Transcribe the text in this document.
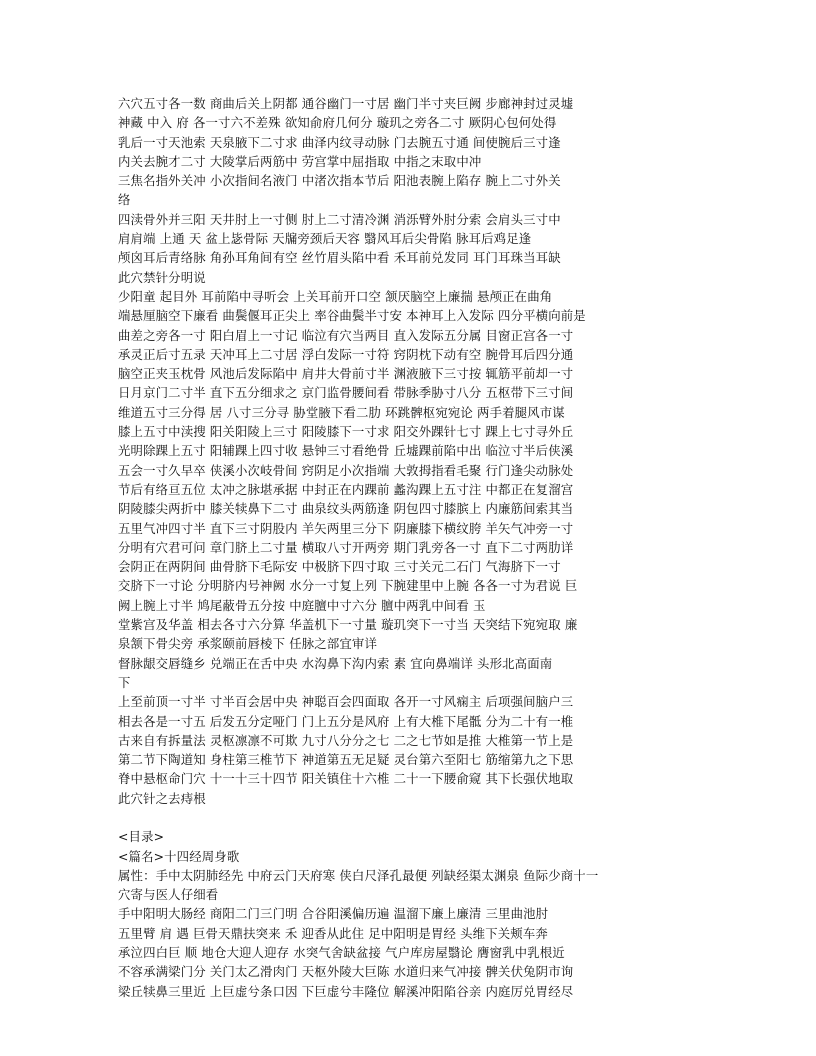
六穴五寸各一数 商曲后关上阴都 通谷幽门一寸居 幽门半寸夹巨阙 步廊神封过灵墟
神藏 中入 府 各一寸六不差殊 欲知俞府几何分 璇玑之旁各二寸 厥阴心包何处得
乳后一寸天池索 天泉腋下二寸求 曲泽内纹寻动脉 门去腕五寸通 间使腕后三寸逢
内关去腕才二寸 大陵掌后两筋中 劳宫掌中屈指取 中指之末取中冲
三焦名指外关冲 小次指间名液门 中渚次指本节后 阳池表腕上陷存 腕上二寸外关
络
四渎骨外并三阳 天井肘上一寸侧 肘上二寸清冷渊 消泺臂外肘分索 会肩头三寸中
肩肩端 上通 天 盆上毖骨际 天牖旁颈后天容 翳风耳后尖骨陷 脉耳后鸡足逢
颅囟耳后青络脉 角孙耳角间有空 丝竹眉头陷中看 禾耳前兑发同 耳门耳珠当耳缺
此穴禁针分明说
少阳童 起目外 耳前陷中寻听会 上关耳前开口空 颔厌脑空上廉揣 悬颅正在曲角
端悬厘脑空下廉看 曲鬓偃耳正尖上 率谷曲鬓半寸安 本神耳上入发际 四分平横向前是
曲差之旁各一寸 阳白眉上一寸记 临泣有穴当两目 直入发际五分属 目窗正宫各一寸
承灵正后寸五录 天冲耳上二寸居 浮白发际一寸符 窍阴枕下动有空 腕骨耳后四分通
脑空正夹玉枕骨 风池后发际陷中 肩井大骨前寸半 渊液腋下三寸按 辄筋平前却一寸
日月京门二寸半 直下五分细求之 京门监骨腰间看 带脉季胁寸八分 五枢带下三寸间
维道五寸三分得 居 八寸三分寻 胁堂腋下看二肋 环跳髀枢宛宛论 两手着腿风市谋
膝上五寸中渎搜 阳关阳陵上三寸 阳陵膝下一寸求 阳交外踝针七寸 踝上七寸寻外丘
光明除踝上五寸 阳辅踝上四寸收 悬钟三寸看绝骨 丘墟踝前陷中出 临泣寸半后侠溪
五会一寸久早卒 侠溪小次岐骨间 窍阴足小次指端 大敦拇指看毛聚 行门逢尖动脉处
节后有络亘五位 太冲之脉堪承据 中封正在内踝前 蠡沟踝上五寸注 中都正在复溜宫
阴陵膝尖两折中 膝关犊鼻下二寸 曲泉纹头两筋逢 阴包四寸膝膑上 内廉筋间索其当
五里气冲四寸半 直下三寸阴股内 羊矢两里三分下 阴廉膝下横纹胯 羊矢气冲旁一寸
分明有穴君可问 章门脐上二寸量 横取八寸开两旁 期门乳旁各一寸 直下二寸两肋详
会阴正在两阴间 曲骨脐下毛际安 中极脐下四寸取 三寸关元二石门 气海脐下一寸
交脐下一寸论 分明脐内号神阙 水分一寸复上列 下腕建里中上腕 各各一寸为君说 巨
阙上腕上寸半 鸠尾蔽骨五分按 中庭膻中寸六分 膻中两乳中间看 玉
堂紫宫及华盖 相去各寸六分算 华盖机下一寸量 璇玑突下一寸当 天突结下宛宛取 廉
泉颔下骨尖旁 承浆颐前唇棱下 任脉之部宜审详
督脉龈交唇缝乡 兑端正在舌中央 水沟鼻下沟内索 素 宜向鼻端详 头形北高面南
下
上至前顶一寸半 寸半百会居中央 神聪百会四面取 各开一寸风痫主 后项强间脑户三
相去各是一寸五 后发五分定哑门 门上五分是风府 上有大椎下尾骶 分为二十有一椎
古来自有拆量法 灵枢凛凛不可欺 九寸八分分之七 二之七节如是推 大椎第一节上是
第二节下陶道知 身柱第三椎节下 神道第五无足疑 灵台第六至阳七 筋缩第九之下思
脊中悬枢命门穴 十一十三十四节 阳关镇住十六椎 二十一下腰俞窥 其下长强伏地取
此穴针之去痔根
<目录>
<篇名>十四经周身歌
属性：手中太阴肺经先 中府云门天府寒 侠白尺泽孔最便 列缺经渠太渊泉 鱼际少商十一
穴寄与医人仔细看
手中阳明大肠经 商阳二门三门明 合谷阳溪偏历遍 温溜下廉上廉清 三里曲池肘
五里臂 肩 遇 巨骨天鼎扶突来 禾 迎香从此住 足中阳明是胃经 头维下关颊车奔
承泣四白巨 顺 地仓大迎人迎存 水突气舍缺盆接 气户库房屋翳论 膺窗乳中乳根近
不容承满梁门分 关门太乙滑肉门 天枢外陵大巨陈 水道归来气冲接 髀关伏兔阴市询
梁丘犊鼻三里近 上巨虚兮条口因 下巨虚兮丰隆位 解溪冲阳陷谷亲 内庭厉兑胃经尽
